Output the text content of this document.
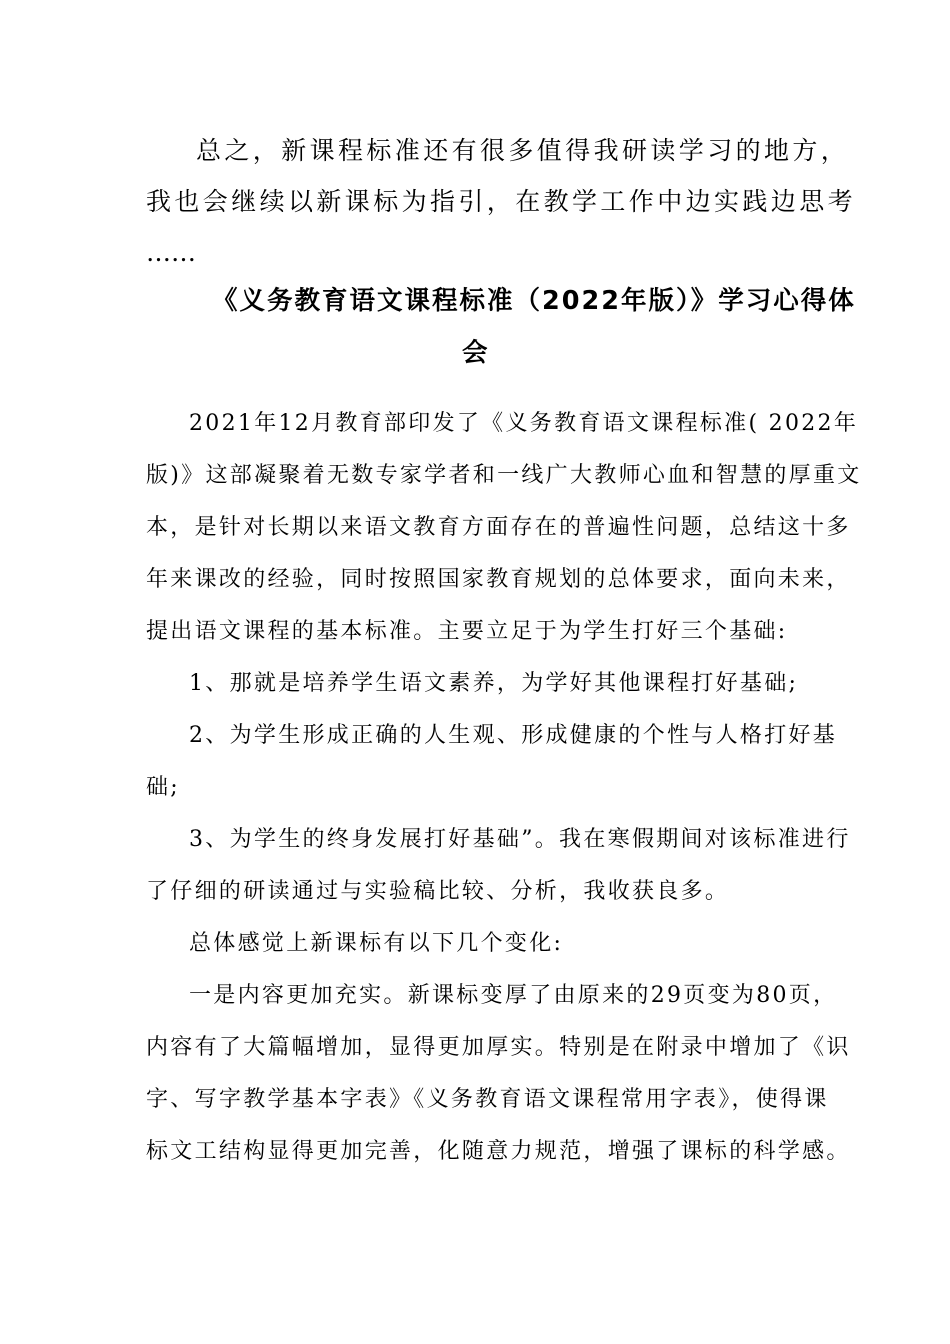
总之，新课程标准还有很多值得我研读学习的地方，
我也会继续以新课标为指引，在教学工作中边实践边思考
……
《义务教育语文课程标准（2022年版）》学习心得体
会
2021年12月教育部印发了《义务教育语文课程标准( 2022年
版)》这部凝聚着无数专家学者和一线广大教师心血和智慧的厚重文
本，是针对长期以来语文教育方面存在的普遍性问题，总结这十多
年来课改的经验，同时按照国家教育规划的总体要求，面向未来，
提出语文课程的基本标准。主要立足于为学生打好三个基础:
1、那就是培养学生语文素养，为学好其他课程打好基础;
2、为学生形成正确的人生观、形成健康的个性与人格打好基
础;
3、为学生的终身发展打好基础”。我在寒假期间对该标准进行
了仔细的研读通过与实验稿比较、分析，我收获良多。
总体感觉上新课标有以下几个变化:
一是内容更加充实。新课标变厚了由原来的29页变为80页，
内容有了大篇幅增加，显得更加厚实。特别是在附录中增加了《识
字、写字教学基本字表》《义务教育语文课程常用字表》，使得课
标文工结构显得更加完善，化随意力规范，增强了课标的科学感。
